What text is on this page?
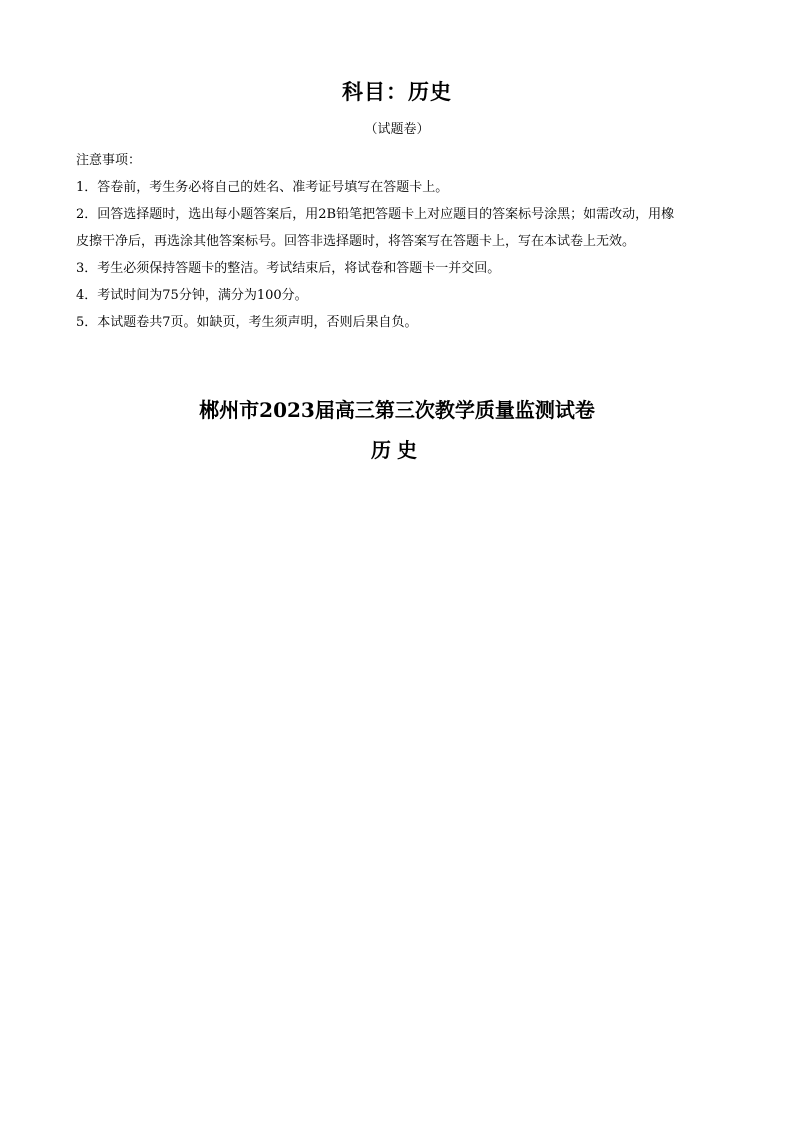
科目：历史
（试题卷）

注意事项：

1．答卷前，考生务必将自己的姓名、准考证号填写在答题卡上。

2．回答选择题时，选出每小题答案后，用2B铅笔把答题卡上对应题目的答案标号涂黑；如需改动，用橡

皮擦干净后，再选涂其他答案标号。回答非选择题时，将答案写在答题卡上，写在本试卷上无效。

3．考生必须保持答题卡的整洁。考试结束后，将试卷和答题卡一并交回。

4．考试时间为75分钟，满分为100分。

5．本试题卷共7页。如缺页，考生须声明，否则后果自负。

郴州市2023届高三第三次教学质量监测试卷
历史
